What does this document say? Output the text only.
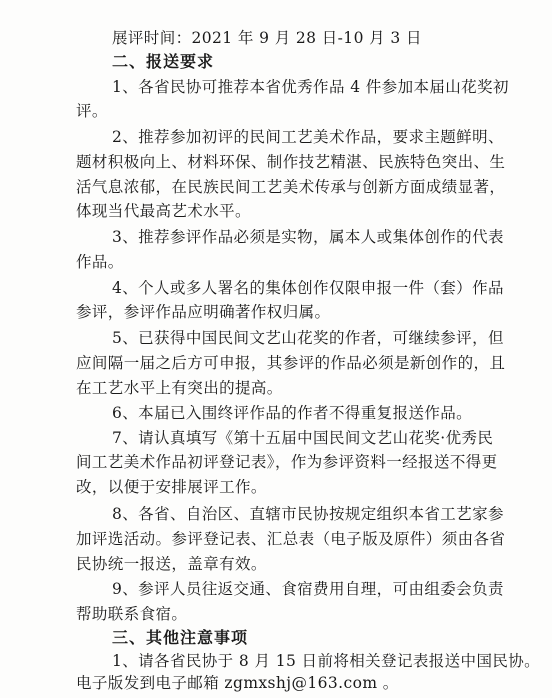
展评时间：2021 年 9 月 28 日-10 月 3 日
二、报送要求
1、各省民协可推荐本省优秀作品 4 件参加本届山花奖初
评。
2、推荐参加初评的民间工艺美术作品，要求主题鲜明、
题材积极向上、材料环保、制作技艺精湛、民族特色突出、生
活气息浓郁，在民族民间工艺美术传承与创新方面成绩显著，
体现当代最高艺术水平。
3、推荐参评作品必须是实物，属本人或集体创作的代表
作品。
4、个人或多人署名的集体创作仅限申报一件（套）作品
参评，参评作品应明确著作权归属。
5、已获得中国民间文艺山花奖的作者，可继续参评，但
应间隔一届之后方可申报，其参评的作品必须是新创作的，且
在工艺水平上有突出的提高。
6、本届已入围终评作品的作者不得重复报送作品。
7、请认真填写《第十五届中国民间文艺山花奖·优秀民
间工艺美术作品初评登记表》，作为参评资料一经报送不得更
改，以便于安排展评工作。
8、各省、自治区、直辖市民协按规定组织本省工艺家参
加评选活动。参评登记表、汇总表（电子版及原件）须由各省
民协统一报送，盖章有效。
9、参评人员往返交通、食宿费用自理，可由组委会负责
帮助联系食宿。
三、其他注意事项
1、请各省民协于 8 月 15 日前将相关登记表报送中国民协。
电子版发到电子邮箱 zgmxshj@163.com 。
